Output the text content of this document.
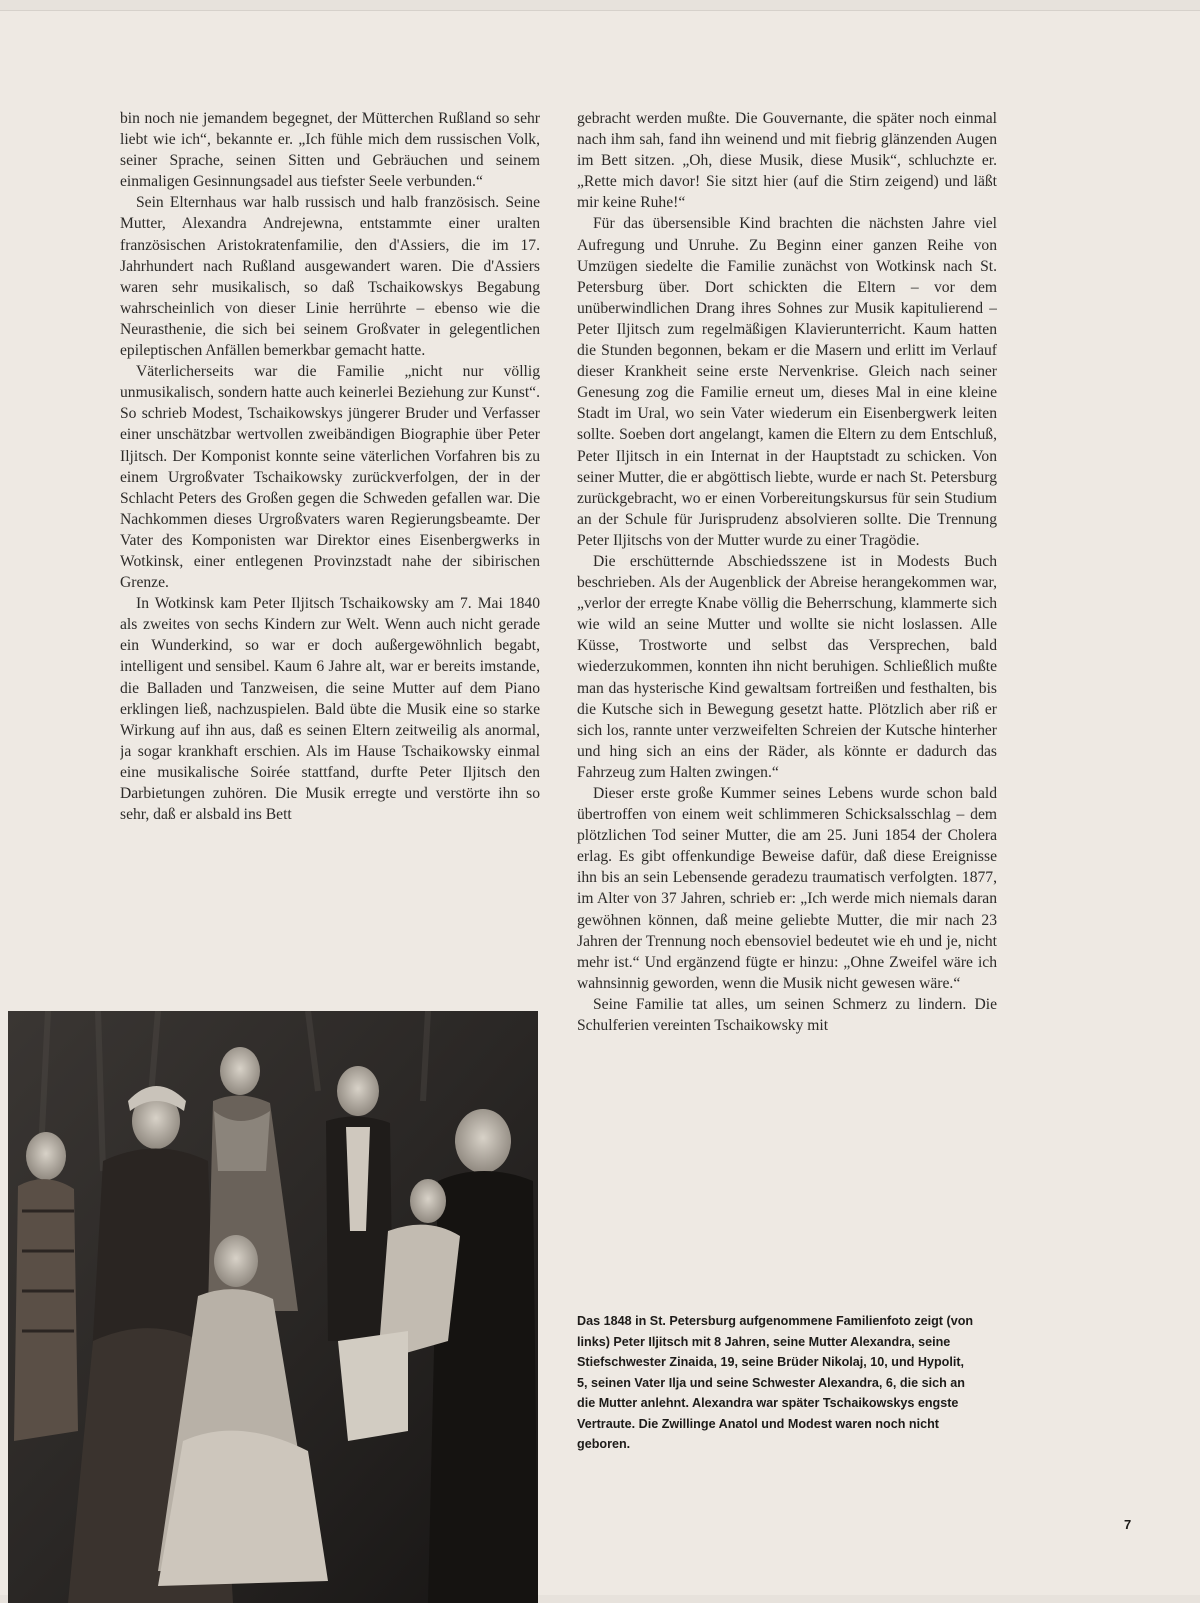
bin noch nie jemandem begegnet, der Mütterchen Rußland so sehr liebt wie ich“, bekannte er. „Ich fühle mich dem russischen Volk, seiner Sprache, seinen Sitten und Gebräuchen und seinem einmaligen Gesinnungsadel aus tiefster Seele verbunden.“

Sein Elternhaus war halb russisch und halb französisch. Seine Mutter, Alexandra Andrejewna, entstammte einer uralten französischen Aristokratenfamilie, den d'Assiers, die im 17. Jahrhundert nach Rußland ausgewandert waren. Die d'Assiers waren sehr musikalisch, so daß Tschaikowskys Begabung wahrscheinlich von dieser Linie herrührte – ebenso wie die Neurasthenie, die sich bei seinem Großvater in gelegentlichen epileptischen Anfällen bemerkbar gemacht hatte.

Väterlicherseits war die Familie „nicht nur völlig unmusikalisch, sondern hatte auch keinerlei Beziehung zur Kunst“. So schrieb Modest, Tschaikowskys jüngerer Bruder und Verfasser einer unschätzbar wertvollen zweibändigen Biographie über Peter Iljitsch. Der Komponist konnte seine väterlichen Vorfahren bis zu einem Urgroßvater Tschaikowsky zurückverfolgen, der in der Schlacht Peters des Großen gegen die Schweden gefallen war. Die Nachkommen dieses Urgroßvaters waren Regierungsbeamte. Der Vater des Komponisten war Direktor eines Eisenbergwerks in Wotkinsk, einer entlegenen Provinzstadt nahe der sibirischen Grenze.

In Wotkinsk kam Peter Iljitsch Tschaikowsky am 7. Mai 1840 als zweites von sechs Kindern zur Welt. Wenn auch nicht gerade ein Wunderkind, so war er doch außergewöhnlich begabt, intelligent und sensibel. Kaum 6 Jahre alt, war er bereits imstande, die Balladen und Tanzweisen, die seine Mutter auf dem Piano erklingen ließ, nachzuspielen. Bald übte die Musik eine so starke Wirkung auf ihn aus, daß es seinen Eltern zeitweilig als anormal, ja sogar krankhaft erschien. Als im Hause Tschaikowsky einmal eine musikalische Soirée stattfand, durfte Peter Iljitsch den Darbietungen zuhören. Die Musik erregte und verstörte ihn so sehr, daß er alsbald ins Bett

gebracht werden mußte. Die Gouvernante, die später noch einmal nach ihm sah, fand ihn weinend und mit fiebrig glänzenden Augen im Bett sitzen. „Oh, diese Musik, diese Musik“, schluchzte er. „Rette mich davor! Sie sitzt hier (auf die Stirn zeigend) und läßt mir keine Ruhe!“

Für das übersensible Kind brachten die nächsten Jahre viel Aufregung und Unruhe. Zu Beginn einer ganzen Reihe von Umzügen siedelte die Familie zunächst von Wotkinsk nach St. Petersburg über. Dort schickten die Eltern – vor dem unüberwindlichen Drang ihres Sohnes zur Musik kapitulierend – Peter Iljitsch zum regelmäßigen Klavierunterricht. Kaum hatten die Stunden begonnen, bekam er die Masern und erlitt im Verlauf dieser Krankheit seine erste Nervenkrise. Gleich nach seiner Genesung zog die Familie erneut um, dieses Mal in eine kleine Stadt im Ural, wo sein Vater wiederum ein Eisenbergwerk leiten sollte. Soeben dort angelangt, kamen die Eltern zu dem Entschluß, Peter Iljitsch in ein Internat in der Hauptstadt zu schicken. Von seiner Mutter, die er abgöttisch liebte, wurde er nach St. Petersburg zurückgebracht, wo er einen Vorbereitungskursus für sein Studium an der Schule für Jurisprudenz absolvieren sollte. Die Trennung Peter Iljitschs von der Mutter wurde zu einer Tragödie.

Die erschütternde Abschiedsszene ist in Modests Buch beschrieben. Als der Augenblick der Abreise herangekommen war, „verlor der erregte Knabe völlig die Beherrschung, klammerte sich wie wild an seine Mutter und wollte sie nicht loslassen. Alle Küsse, Trostworte und selbst das Versprechen, bald wiederzukommen, konnten ihn nicht beruhigen. Schließlich mußte man das hysterische Kind gewaltsam fortreißen und festhalten, bis die Kutsche sich in Bewegung gesetzt hatte. Plötzlich aber riß er sich los, rannte unter verzweifelten Schreien der Kutsche hinterher und hing sich an eins der Räder, als könnte er dadurch das Fahrzeug zum Halten zwingen.“

Dieser erste große Kummer seines Lebens wurde schon bald übertroffen von einem weit schlimmeren Schicksalsschlag – dem plötzlichen Tod seiner Mutter, die am 25. Juni 1854 der Cholera erlag. Es gibt offenkundige Beweise dafür, daß diese Ereignisse ihn bis an sein Lebensende geradezu traumatisch verfolgten. 1877, im Alter von 37 Jahren, schrieb er: „Ich werde mich niemals daran gewöhnen können, daß meine geliebte Mutter, die mir nach 23 Jahren der Trennung noch ebensoviel bedeutet wie eh und je, nicht mehr ist.“ Und ergänzend fügte er hinzu: „Ohne Zweifel wäre ich wahnsinnig geworden, wenn die Musik nicht gewesen wäre.“

Seine Familie tat alles, um seinen Schmerz zu lindern. Die Schulferien vereinten Tschaikowsky mit

Das 1848 in St. Petersburg aufgenommene Familienfoto zeigt (von links) Peter Iljitsch mit 8 Jahren, seine Mutter Alexandra, seine Stiefschwester Zinaida, 19, seine Brüder Nikolaj, 10, und Hypolit, 5, seinen Vater Ilja und seine Schwester Alexandra, 6, die sich an die Mutter anlehnt. Alexandra war später Tschaikowskys engste Vertraute. Die Zwillinge Anatol und Modest waren noch nicht geboren.
7
